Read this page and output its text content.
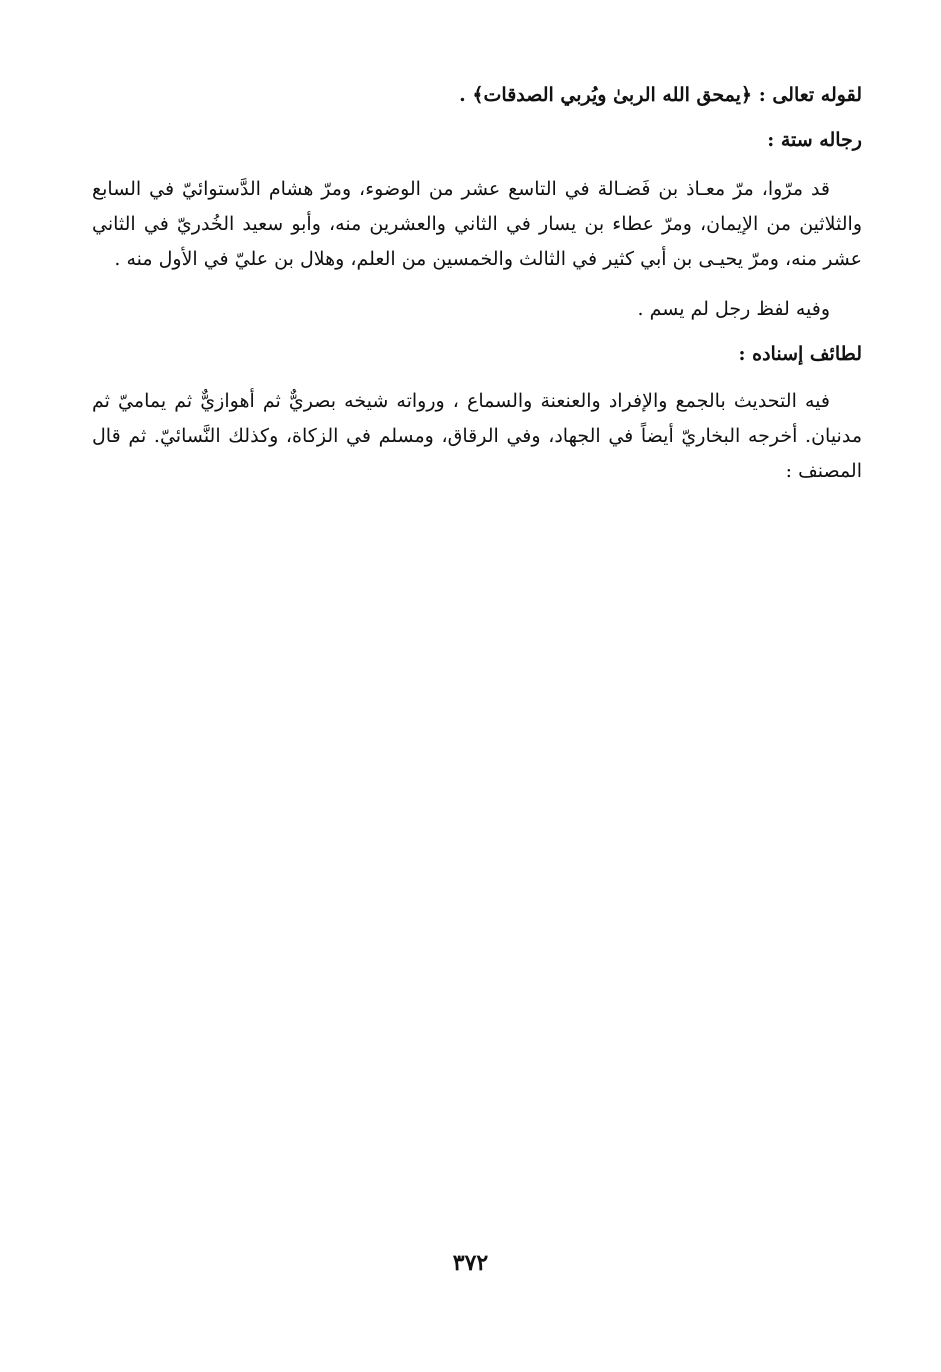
لقوله تعالى : ﴿يمحق الله الربىٰ ويُربي الصدقات﴾ .
رجاله ستة :
قد مرّوا، مرّ معـاذ بن فَضـالة في التاسع عشر من الوضوء، ومرّ هشام الدَّستوائيّ في السابع والثلاثين من الإيمان، ومرّ عطاء بن يسار في الثاني والعشرين منه، وأبو سعيد الخُدريّ في الثاني عشر منه، ومرّ يحيـى بن أبي كثير في الثالث والخمسين من العلم، وهلال بن عليّ في الأول منه .
وفيه لفظ رجل لم يسم .
لطائف إسناده :
فيه التحديث بالجمع والإفراد والعنعنة والسماع ، ورواته شيخه بصريٌّ ثم أهوازيٌّ ثم يماميّ ثم مدنيان. أخرجه البخاريّ أيضاً في الجهاد، وفي الرقاق، ومسلم في الزكاة، وكذلك النَّسائيّ. ثم قال المصنف :
٣٧٢
